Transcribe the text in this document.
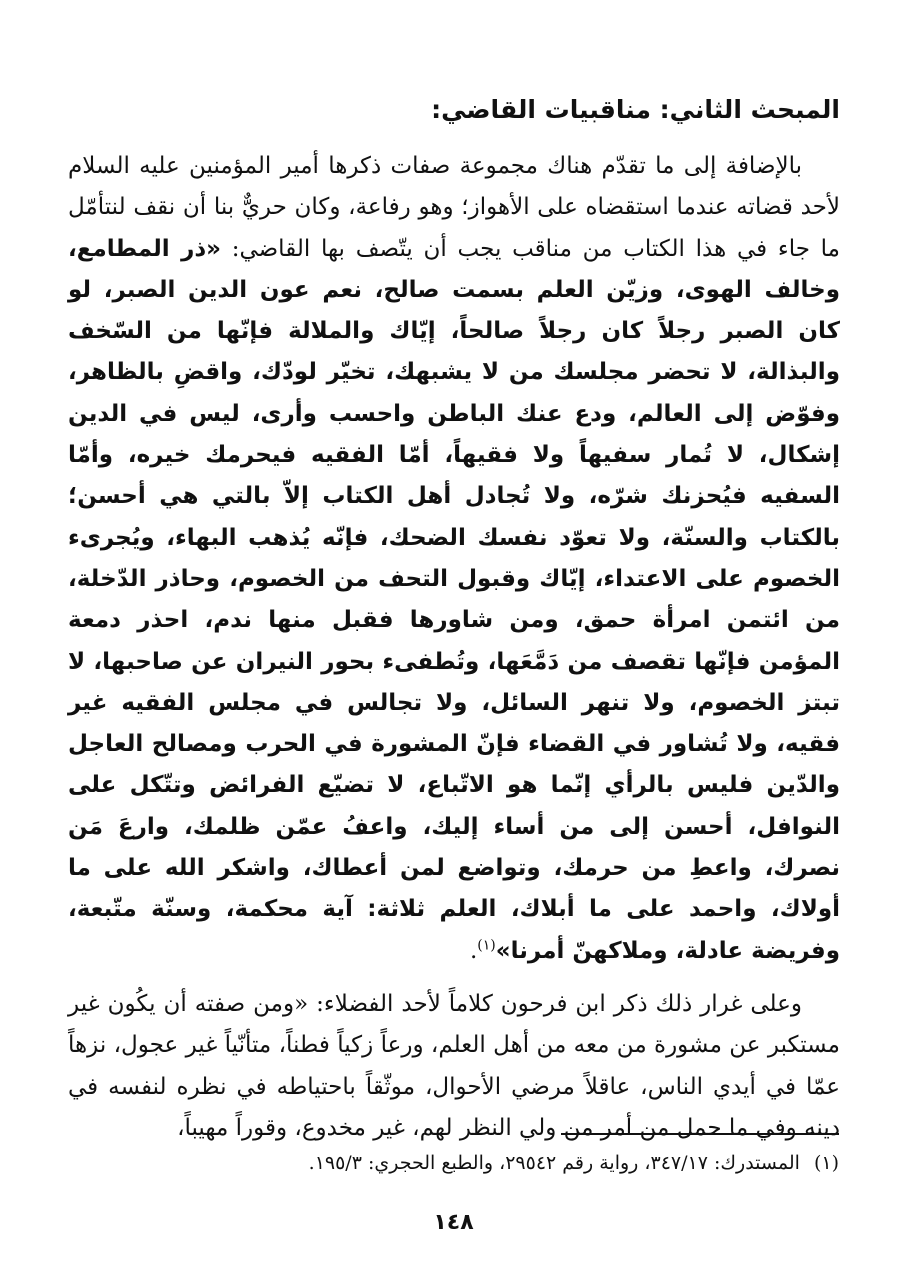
المبحث الثاني: مناقبيات القاضي:

بالإضافة إلى ما تقدّم هناك مجموعة صفات ذكرها أمير المؤمنين عليه السلام لأحد قضاته عندما استقضاه على الأهواز؛ وهو رفاعة، وكان حريٌّ بنا أن نقف لنتأمّل ما جاء في هذا الكتاب من مناقب يجب أن يتّصف بها القاضي: «ذر المطامع، وخالف الهوى، وزيّن العلم بسمت صالح، نعم عون الدين الصبر، لو كان الصبر رجلاً كان رجلاً صالحاً، إيّاك والملالة فإنّها من السّخف والبذالة، لا تحضر مجلسك من لا يشبهك، تخيّر لودّك، واقضِ بالظاهر، وفوّض إلى العالم، ودع عنك الباطن واحسب وأرى، ليس في الدين إشكال، لا تُمار سفيهاً ولا فقيهاً، أمّا الفقيه فيحرمك خيره، وأمّا السفيه فيُحزنك شرّه، ولا تُجادل أهل الكتاب إلاّ بالتي هي أحسن؛ بالكتاب والسنّة، ولا تعوّد نفسك الضحك، فإنّه يُذهب البهاء، ويُجرىء الخصوم على الاعتداء، إيّاك وقبول التحف من الخصوم، وحاذر الدّخلة، من ائتمن امرأة حمق، ومن شاورها فقبل منها ندم، احذر دمعة المؤمن فإنّها تقصف من دَمَّعَها، وتُطفىء بحور النيران عن صاحبها، لا تبتز الخصوم، ولا تنهر السائل، ولا تجالس في مجلس الفقيه غير فقيه، ولا تُشاور في القضاء فإنّ المشورة في الحرب ومصالح العاجل والدّين فليس بالرأي إنّما هو الاتّباع، لا تضيّع الفرائض وتتّكل على النوافل، أحسن إلى من أساء إليك، واعفُ عمّن ظلمك، وارعَ مَن نصرك، واعطِ من حرمك، وتواضع لمن أعطاك، واشكر الله على ما أولاك، واحمد على ما أبلاك، العلم ثلاثة: آية محكمة، وسنّة متّبعة، وفريضة عادلة، وملاكهنّ أمرنا»$^{(١)}$.

وعلى غرار ذلك ذكر ابن فرحون كلاماً لأحد الفضلاء: «ومن صفته أن يكُون غير مستكبر عن مشورة من معه من أهل العلم، ورعاً زكياً فطناً، متأنّياً غير عجول، نزهاً عمّا في أيدي الناس، عاقلاً مرضي الأحوال، موثّقاً باحتياطه في نظره لنفسه في دينه وفي ما حمل من أمر من ولي النظر لهم، غير مخدوع، وقوراً مهيباً،

(١)المستدرك: ٣٤٧/١٧، رواية رقم ٢٩٥٤٢، والطبع الحجري: ١٩٥/٣.
١٤٨
